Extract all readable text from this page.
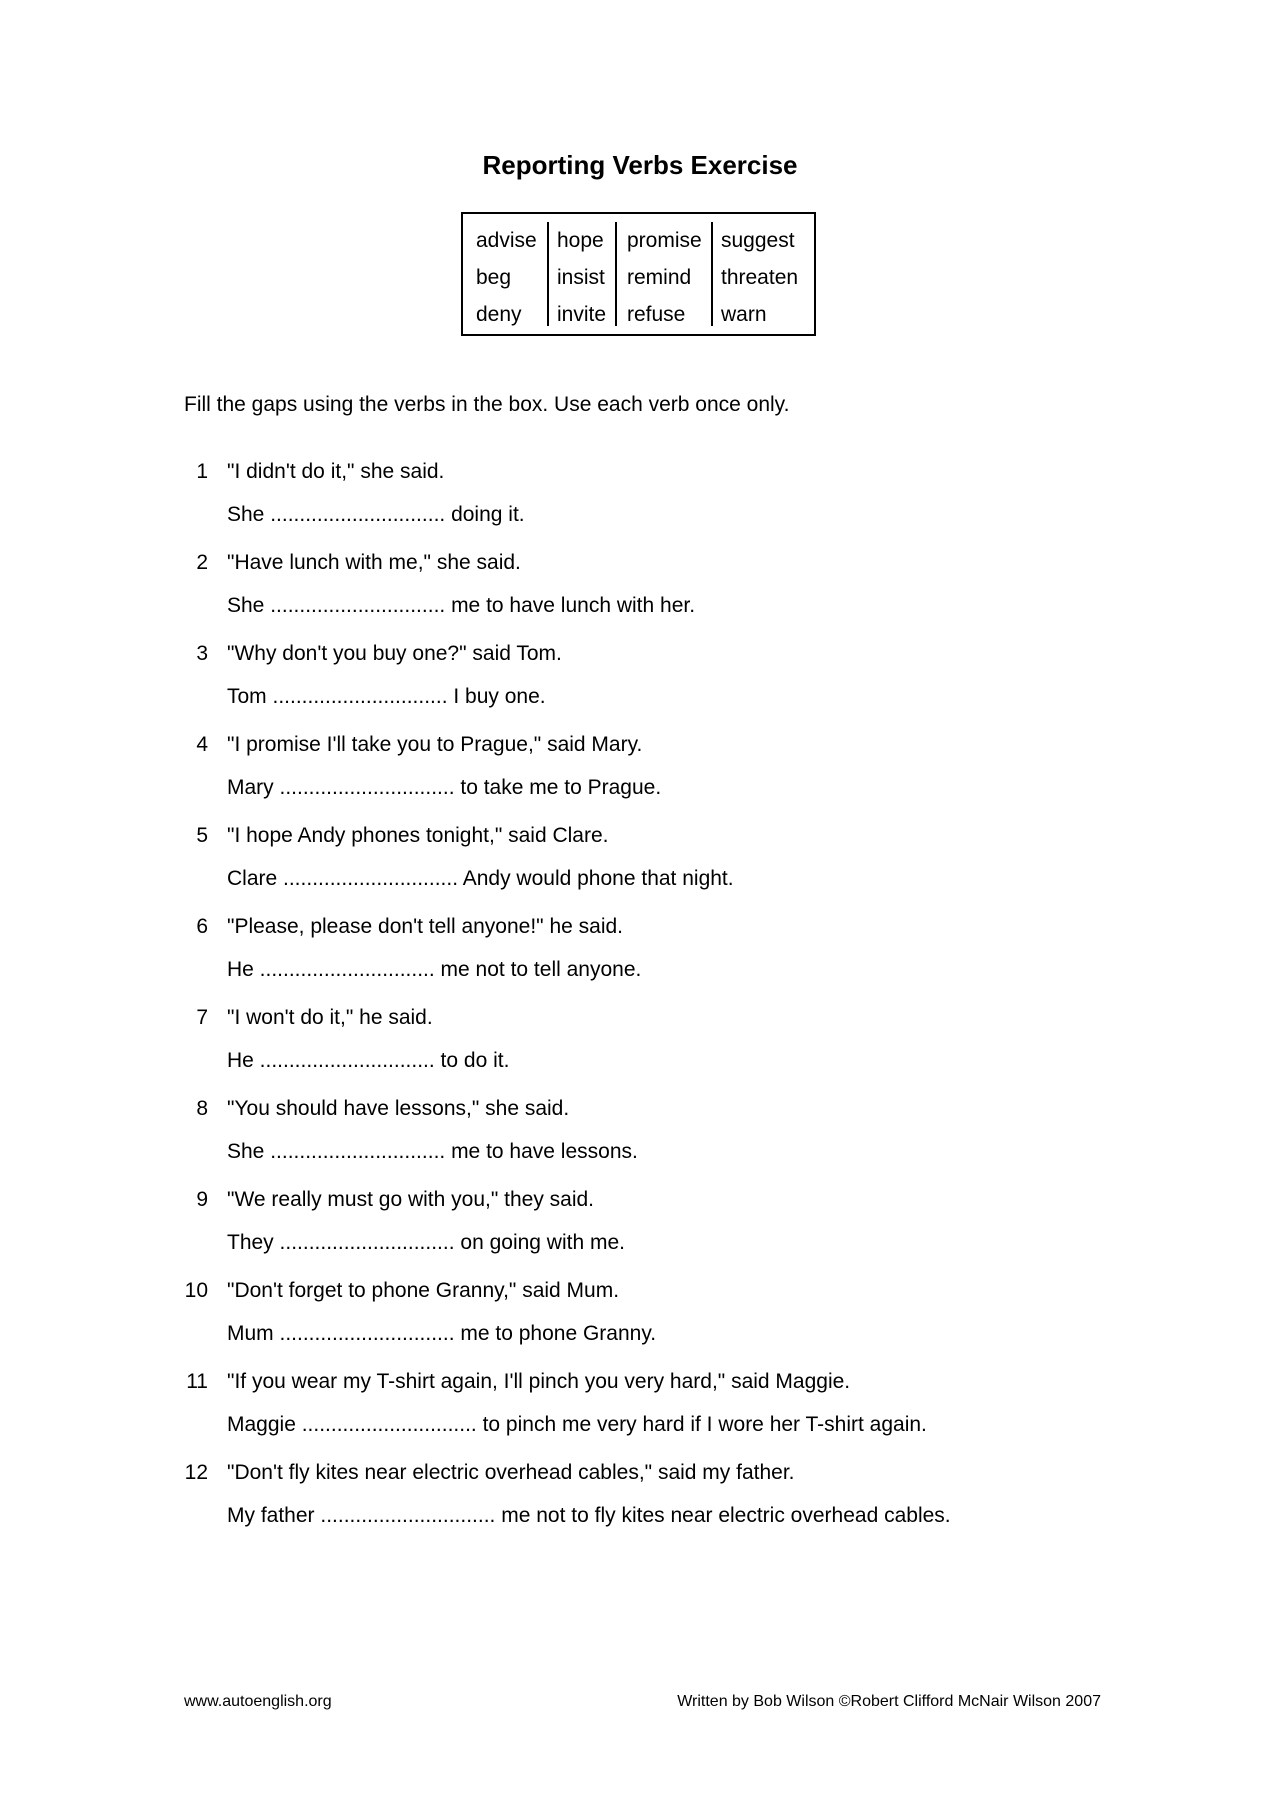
Reporting Verbs Exercise
advise
beg
deny
hope
insist
invite
promise
remind
refuse
suggest
threaten
warn

Fill the gaps using the verbs in the box. Use each verb once only.

1 "I didn't do it," she said.
She .............................. doing it.
2 "Have lunch with me," she said.
She .............................. me to have lunch with her.
3 "Why don't you buy one?" said Tom.
Tom .............................. I buy one.
4 "I promise I'll take you to Prague," said Mary.
Mary .............................. to take me to Prague.
5 "I hope Andy phones tonight," said Clare.
Clare .............................. Andy would phone that night.
6 "Please, please don't tell anyone!" he said.
He .............................. me not to tell anyone.
7 "I won't do it," he said.
He .............................. to do it.
8 "You should have lessons," she said.
She .............................. me to have lessons.
9 "We really must go with you," they said.
They .............................. on going with me.
10 "Don't forget to phone Granny," said Mum.
Mum .............................. me to phone Granny.
11 "If you wear my T-shirt again, I'll pinch you very hard," said Maggie.
Maggie .............................. to pinch me very hard if I wore her T-shirt again.
12 "Don't fly kites near electric overhead cables," said my father.
My father .............................. me not to fly kites near electric overhead cables.
www.autoenglish.org	Written by Bob Wilson ©Robert Clifford McNair Wilson 2007
